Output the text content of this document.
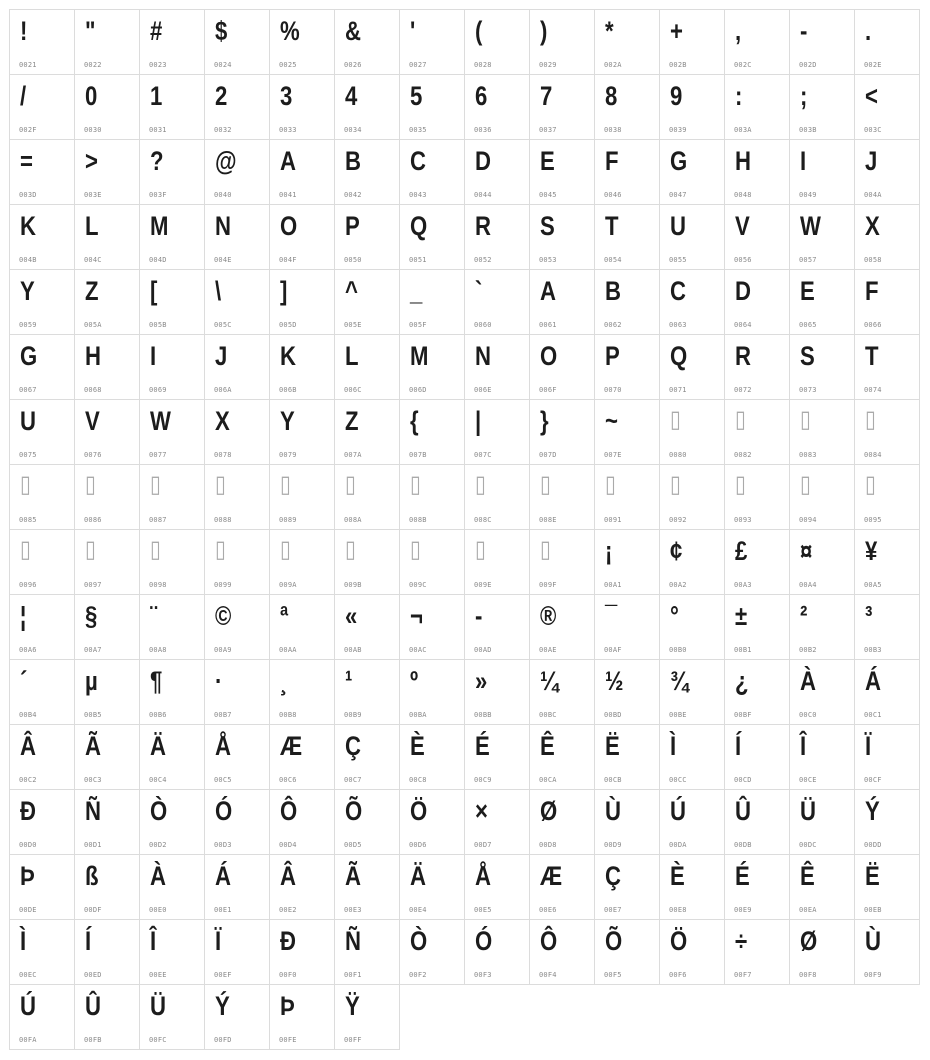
!
0021
"
0022
#
0023
$
0024
%
0025
&
0026
'
0027
(
0028
)
0029
*
002A
+
002B
,
002C
-
002D
.
002E
/
002F
0
0030
1
0031
2
0032
3
0033
4
0034
5
0035
6
0036
7
0037
8
0038
9
0039
:
003A
;
003B
<
003C
=
003D
>
003E
?
003F
@
0040
A
0041
B
0042
C
0043
D
0044
E
0045
F
0046
G
0047
H
0048
I
0049
J
004A
K
004B
L
004C
M
004D
N
004E
O
004F
P
0050
Q
0051
R
0052
S
0053
T
0054
U
0055
V
0056
W
0057
X
0058
Y
0059
Z
005A
[
005B
\
005C
]
005D
^
005E
_
005F
`
0060
A
0061
B
0062
C
0063
D
0064
E
0065
F
0066
G
0067
H
0068
I
0069
J
006A
K
006B
L
006C
M
006D
N
006E
O
006F
P
0070
Q
0071
R
0072
S
0073
T
0074
U
0075
V
0076
W
0077
X
0078
Y
0079
Z
007A
{
007B
|
007C
}
007D
~
007E
▯
0080
▯
0082
▯
0083
▯
0084
▯
0085
▯
0086
▯
0087
▯
0088
▯
0089
▯
008A
▯
008B
▯
008C
▯
008E
▯
0091
▯
0092
▯
0093
▯
0094
▯
0095
▯
0096
▯
0097
▯
0098
▯
0099
▯
009A
▯
009B
▯
009C
▯
009E
▯
009F
¡
00A1
¢
00A2
£
00A3
¤
00A4
¥
00A5
¦
00A6
§
00A7
¨
00A8
©
00A9
ª
00AA
«
00AB
¬
00AC
-
00AD
®
00AE
¯
00AF
°
00B0
±
00B1
²
00B2
³
00B3
´
00B4
µ
00B5
¶
00B6
·
00B7
¸
00B8
¹
00B9
º
00BA
»
00BB
¼
00BC
½
00BD
¾
00BE
¿
00BF
À
00C0
Á
00C1
Â
00C2
Ã
00C3
Ä
00C4
Å
00C5
Æ
00C6
Ç
00C7
È
00C8
É
00C9
Ê
00CA
Ë
00CB
Ì
00CC
Í
00CD
Î
00CE
Ï
00CF
Ð
00D0
Ñ
00D1
Ò
00D2
Ó
00D3
Ô
00D4
Õ
00D5
Ö
00D6
×
00D7
Ø
00D8
Ù
00D9
Ú
00DA
Û
00DB
Ü
00DC
Ý
00DD
Þ
00DE
ß
00DF
À
00E0
Á
00E1
Â
00E2
Ã
00E3
Ä
00E4
Å
00E5
Æ
00E6
Ç
00E7
È
00E8
É
00E9
Ê
00EA
Ë
00EB
Ì
00EC
Í
00ED
Î
00EE
Ï
00EF
Ð
00F0
Ñ
00F1
Ò
00F2
Ó
00F3
Ô
00F4
Õ
00F5
Ö
00F6
÷
00F7
Ø
00F8
Ù
00F9
Ú
00FA
Û
00FB
Ü
00FC
Ý
00FD
Þ
00FE
Ÿ
00FF
